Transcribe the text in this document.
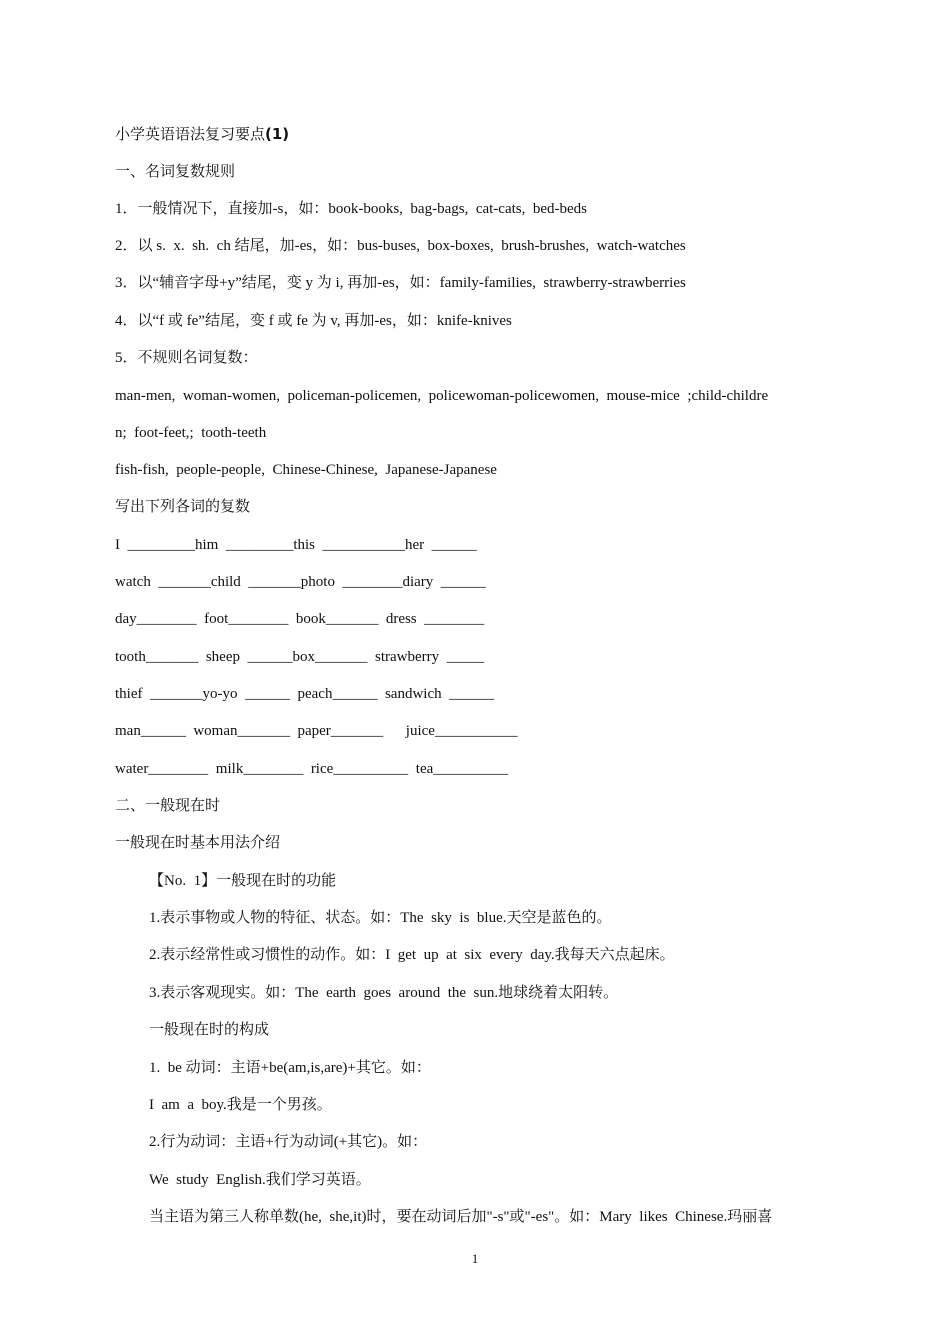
小学英语语法复习要点(1)
一、名词复数规则
1．一般情况下，直接加-s，如：book-books,  bag-bags,  cat-cats,  bed-beds
2．以 s.  x.  sh.  ch 结尾，加-es，如：bus-buses,  box-boxes,  brush-brushes,  watch-watches
3．以“辅音字母+y”结尾，变 y 为 i, 再加-es，如：family-families,  strawberry-strawberries
4．以“f 或 fe”结尾，变 f 或 fe 为 v, 再加-es，如：knife-knives
5．不规则名词复数：
man-men,  woman-women,  policeman-policemen,  policewoman-policewomen,  mouse-mice  ;child-childre
n;  foot-feet,;  tooth-teeth
fish-fish,  people-people,  Chinese-Chinese,  Japanese-Japanese
写出下列各词的复数
I  _________him  _________this  ___________her  ______
watch  _______child  _______photo  ________diary  ______
day________  foot________  book_______  dress  ________
tooth_______  sheep  ______box_______  strawberry  _____
thief  _______yo-yo  ______  peach______  sandwich  ______
man______  woman_______  paper_______      juice___________
water________  milk________  rice__________  tea__________
二、一般现在时
一般现在时基本用法介绍
【No.  1】一般现在时的功能
1.表示事物或人物的特征、状态。如：The  sky  is  blue.天空是蓝色的。
2.表示经常性或习惯性的动作。如：I  get  up  at  six  every  day.我每天六点起床。
3.表示客观现实。如：The  earth  goes  around  the  sun.地球绕着太阳转。
一般现在时的构成
1.  be 动词：主语+be(am,is,are)+其它。如：
I  am  a  boy.我是一个男孩。
2.行为动词：主语+行为动词(+其它)。如：
We  study  English.我们学习英语。
当主语为第三人称单数(he,  she,it)时，要在动词后加"-s"或"-es"。如：Mary  likes  Chinese.玛丽喜
1
